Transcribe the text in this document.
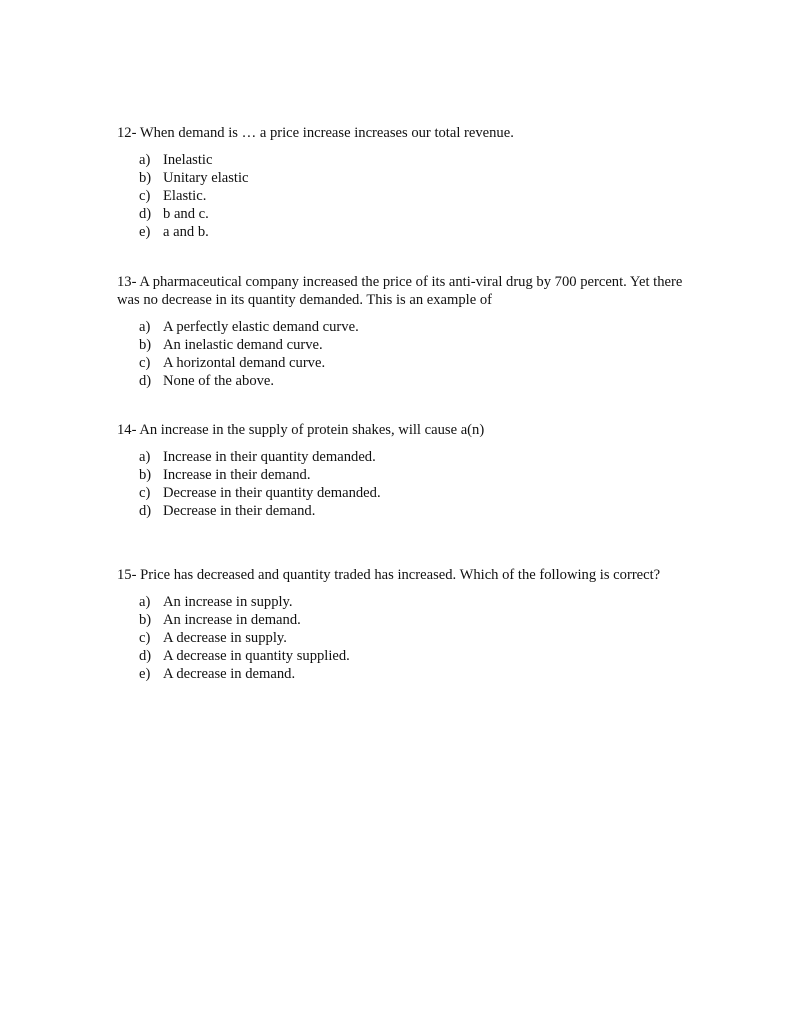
12- When demand is … a price increase increases our total revenue.

a) Inelastic
b) Unitary elastic
c) Elastic.
d) b and c.
e) a and b.

13- A pharmaceutical company increased the price of its anti-viral drug by 700 percent. Yet there was no decrease in its quantity demanded. This is an example of

a) A perfectly elastic demand curve.
b) An inelastic demand curve.
c) A horizontal demand curve.
d) None of the above.

14- An increase in the supply of protein shakes, will cause a(n)

a) Increase in their quantity demanded.
b) Increase in their demand.
c) Decrease in their quantity demanded.
d) Decrease in their demand.

15- Price has decreased and quantity traded has increased. Which of the following is correct?

a) An increase in supply.
b) An increase in demand.
c) A decrease in supply.
d) A decrease in quantity supplied.
e) A decrease in demand.
